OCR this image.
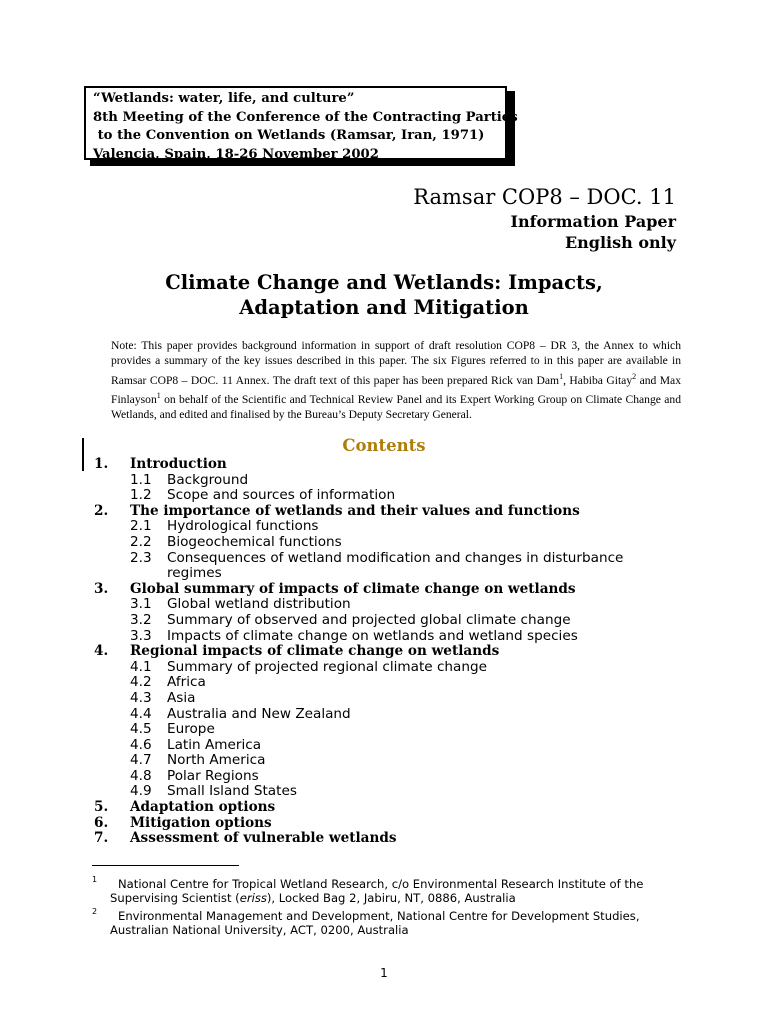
“Wetlands: water, life, and culture”
8th Meeting of the Conference of the Contracting Parties
to the Convention on Wetlands (Ramsar, Iran, 1971)
Valencia, Spain, 18-26 November 2002
Ramsar COP8 – DOC. 11
Information Paper
English only
Climate Change and Wetlands: Impacts,
Adaptation and Mitigation
Note: This paper provides background information in support of draft resolution COP8 – DR 3, the Annex to which provides a summary of the key issues described in this paper. The six Figures referred to in this paper are available in Ramsar COP8 – DOC. 11 Annex. The draft text of this paper has been prepared Rick van Dam$^1$, Habiba Gitay$^2$ and Max Finlayson$^1$ on behalf of the Scientific and Technical Review Panel and its Expert Working Group on Climate Change and Wetlands, and edited and finalised by the Bureau’s Deputy Secretary General.
Contents
1. Introduction
1.1 Background
1.2 Scope and sources of information
2. The importance of wetlands and their values and functions
2.1 Hydrological functions
2.2 Biogeochemical functions
2.3 Consequences of wetland modification and changes in disturbance
regimes
3. Global summary of impacts of climate change on wetlands
3.1 Global wetland distribution
3.2 Summary of observed and projected global climate change
3.3 Impacts of climate change on wetlands and wetland species
4. Regional impacts of climate change on wetlands
4.1 Summary of projected regional climate change
4.2 Africa
4.3 Asia
4.4 Australia and New Zealand
4.5 Europe
4.6 Latin America
4.7 North America
4.8 Polar Regions
4.9 Small Island States
5. Adaptation options
6. Mitigation options
7. Assessment of vulnerable wetlands
1	National Centre for Tropical Wetland Research, c/o Environmental Research Institute of the Supervising Scientist (eriss), Locked Bag 2, Jabiru, NT, 0886, Australia
2	Environmental Management and Development, National Centre for Development Studies, Australian National University, ACT, 0200, Australia
1
